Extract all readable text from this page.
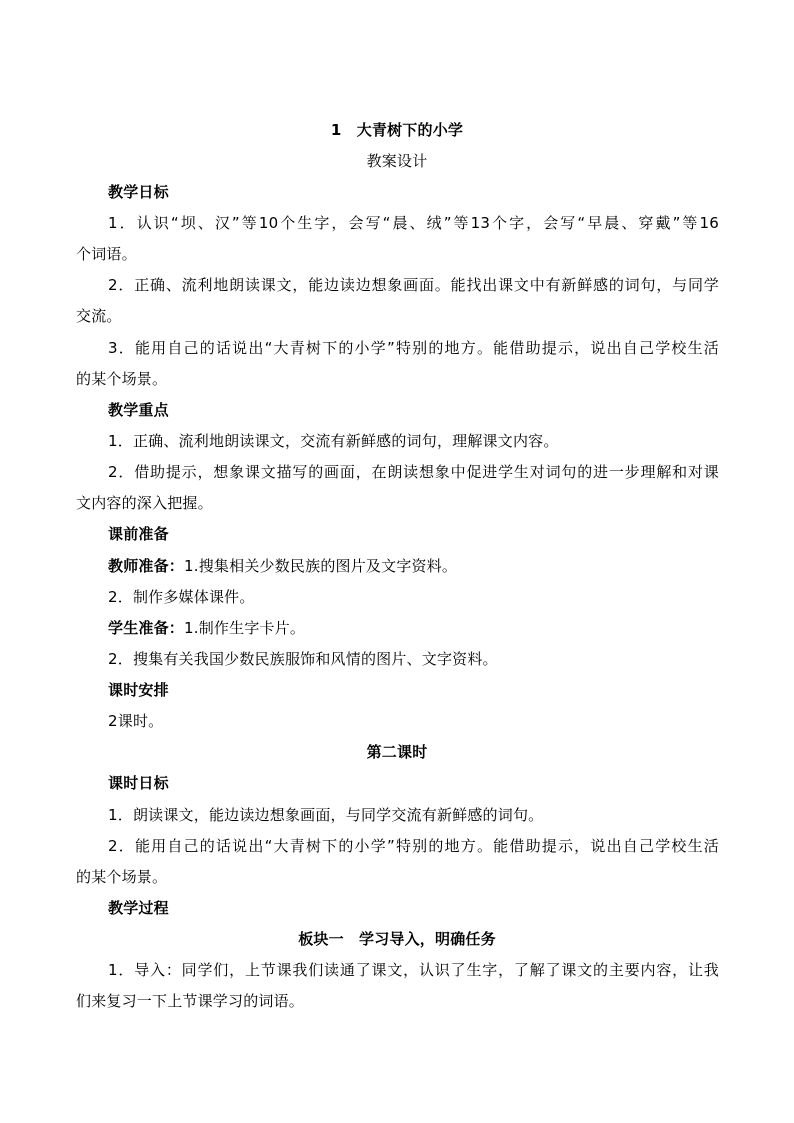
1　大青树下的小学
教案设计
教学日标
1．认识“坝、汉”等10个生字，会写“晨、绒”等13个字，会写“早晨、穿戴”等16
个词语。
2．正确、流利地朗读课文，能边读边想象画面。能找出课文中有新鲜感的词句，与同学
交流。
3．能用自己的话说出“大青树下的小学”特别的地方。能借助提示，说出自己学校生活
的某个场景。
教学重点
1．正确、流利地朗读课文，交流有新鲜感的词句，理解课文内容。
2．借助提示，想象课文描写的画面，在朗读想象中促进学生对词句的进一步理解和对课
文内容的深入把握。
课前准备
教师准备：1.搜集相关少数民族的图片及文字资料。
2．制作多媒体课件。
学生准备：1.制作生字卡片。
2．搜集有关我国少数民族服饰和风情的图片、文字资料。
课时安排
2课时。
第二课时
课时日标
1．朗读课文，能边读边想象画面，与同学交流有新鲜感的词句。
2．能用自己的话说出“大青树下的小学”特别的地方。能借助提示，说出自己学校生活
的某个场景。
教学过程
板块一　学习导入，明确任务
1．导入：同学们，上节课我们读通了课文，认识了生字，了解了课文的主要内容，让我
们来复习一下上节课学习的词语。
